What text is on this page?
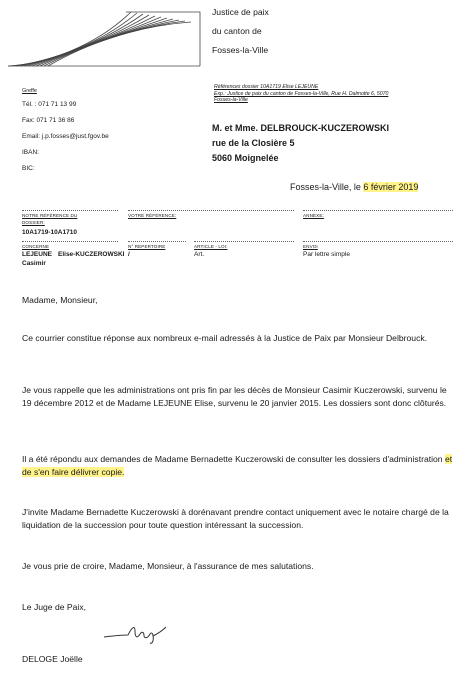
Justice de paix
du canton de
Fosses-la-Ville
Greffe
Tél. : 071 71 13 99
Fax: 071 71 36 86
Email: j.p.fosses@just.fgov.be
IBAN:
BIC:
Références dossier 10A1719 Elise LEJEUNE
Exp.: Justice de paix du canton de Fosses-la-Ville, Rue H. Dalmotte 6, 5070
Fosses-la-Ville
M. et Mme. DELBROUCK-KUCZEROWSKI
rue de la Closière 5
5060 Moignelée
Fosses-la-Ville, le 6 février 2019
NOTRE RÉFÉRENCE DU
DOSSIER:
10A1719-10A1710
VOTRE RÉFÉRENCE:	ANNEXE:
CONCERNE
LEJEUNE Elise-KUCZEROWSKI
Casimir
N° REPERTOIRE
/
ARTICLE - LOI:
Art.
ENVOI
Par lettre simple
Madame, Monsieur,
Ce courrier constitue réponse aux nombreux e-mail adressés à la Justice de Paix par Monsieur Delbrouck.
Je vous rappelle que les administrations ont pris fin par les décès de Monsieur Casimir Kuczerowski, survenu le 19 décembre 2012 et de Madame LEJEUNE Elise, survenu le 20 janvier 2015. Les dossiers sont donc clôturés.
Il a été répondu aux demandes de Madame Bernadette Kuczerowski de consulter les dossiers d'administration et de s'en faire délivrer copie.
J'invite Madame Bernadette Kuczerowski à dorénavant prendre contact uniquement avec le notaire chargé de la liquidation de la succession pour toute question intéressant la succession.
Je vous prie de croire, Madame, Monsieur, à l'assurance de mes salutations.
Le Juge de Paix,
DELOGE Joëlle
